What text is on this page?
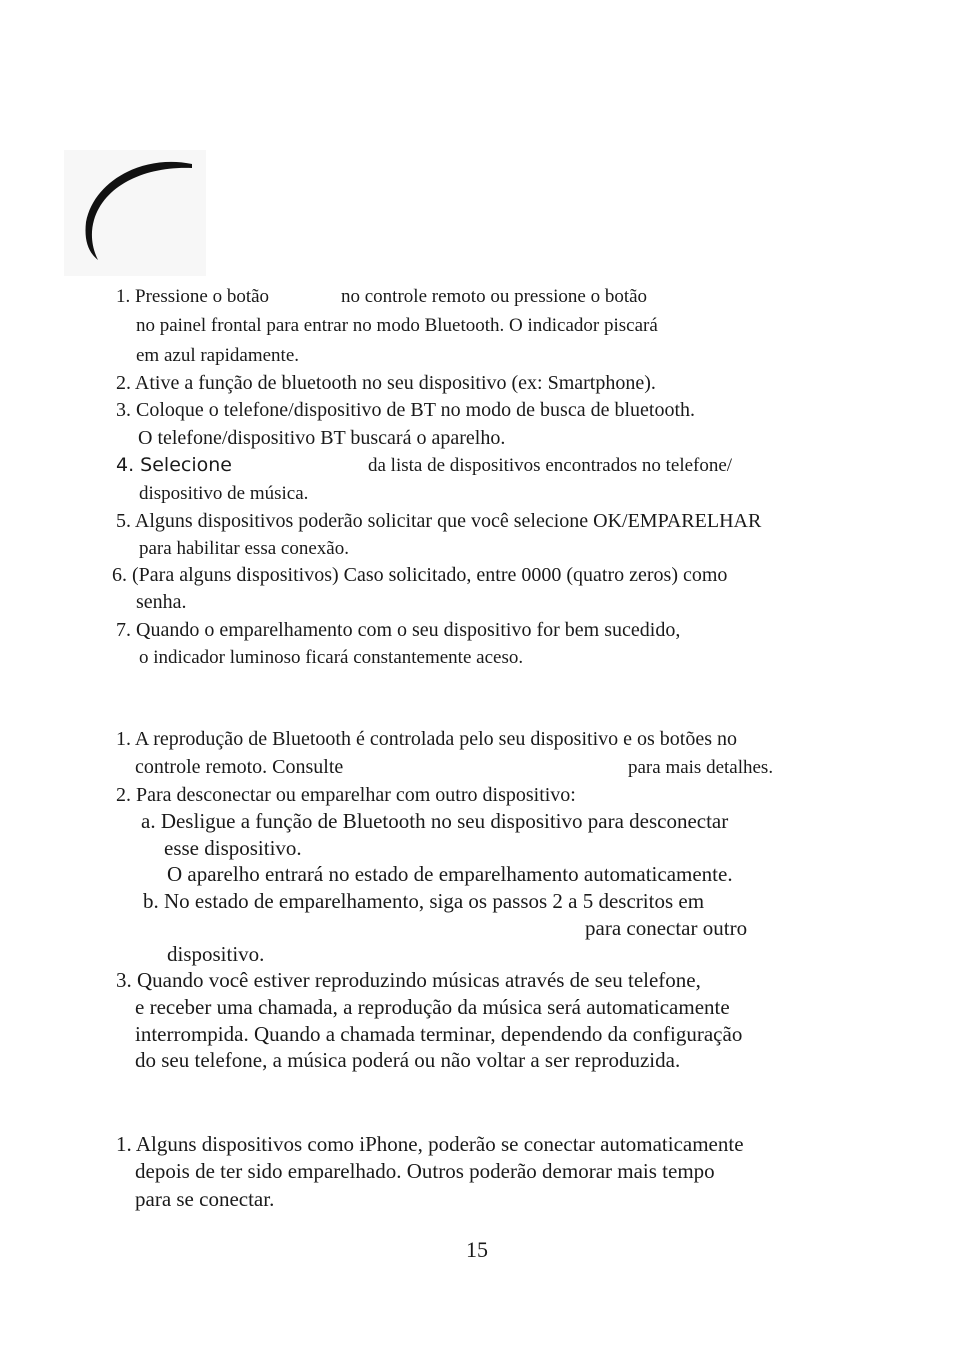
1. Pressione o botão	no controle remoto ou pressione o botão
no painel frontal para entrar no modo Bluetooth. O indicador piscará
em azul rapidamente.
2. Ative a função de bluetooth no seu dispositivo (ex: Smartphone).
3. Coloque o telefone/dispositivo de BT no modo de busca de bluetooth.
O telefone/dispositivo BT buscará o aparelho.
4. Selecione	da lista de dispositivos encontrados no telefone/
dispositivo de música.
5. Alguns dispositivos poderão solicitar que você selecione OK/EMPARELHAR
para habilitar essa conexão.
6. (Para alguns dispositivos) Caso solicitado, entre 0000 (quatro zeros) como
senha.
7. Quando o emparelhamento com o seu dispositivo for bem sucedido,
o indicador luminoso ficará constantemente aceso.
1. A reprodução de Bluetooth é controlada pelo seu dispositivo e os botões no
controle remoto. Consulte	para mais detalhes.
2. Para desconectar ou emparelhar com outro dispositivo:
a. Desligue a função de Bluetooth no seu dispositivo para desconectar
esse dispositivo.
O aparelho entrará no estado de emparelhamento automaticamente.
b. No estado de emparelhamento, siga os passos 2 a 5 descritos em
para conectar outro
dispositivo.
3. Quando você estiver reproduzindo músicas através de seu telefone,
e receber uma chamada, a reprodução da música será automaticamente
interrompida. Quando a chamada terminar, dependendo da configuração
do seu telefone, a música poderá ou não voltar a ser reproduzida.
1. Alguns dispositivos como iPhone, poderão se conectar automaticamente
depois de ter sido emparelhado. Outros poderão demorar mais tempo
para se conectar.
15
